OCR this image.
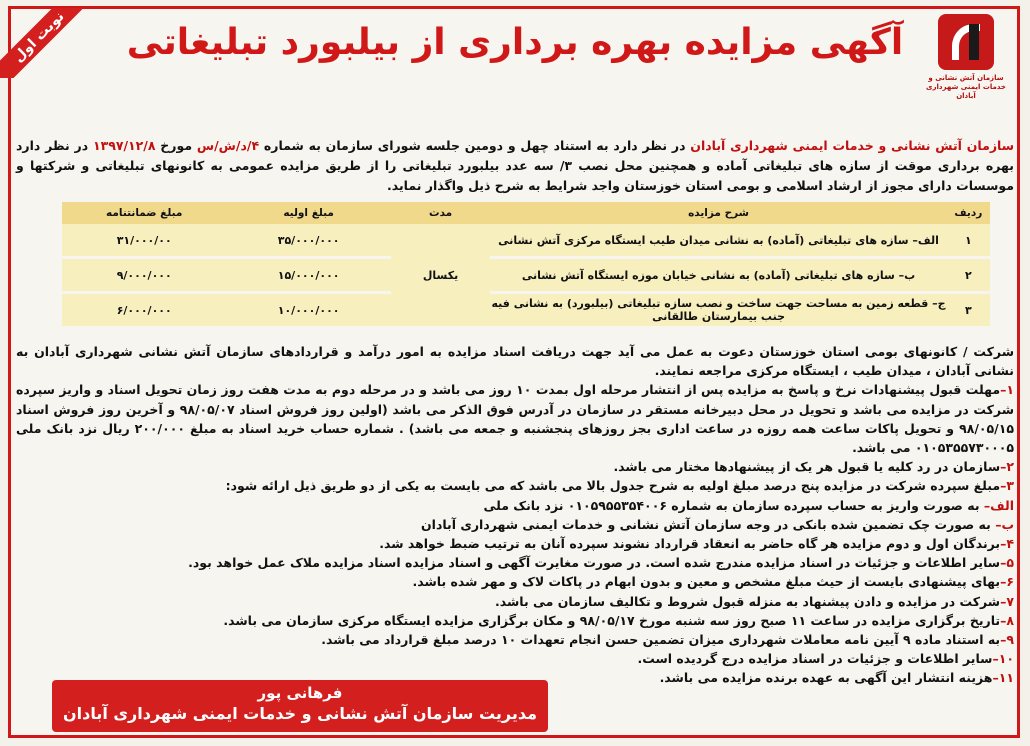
نوبت اول
سازمان آتش نشانی و خدمات ایمنی شهرداری آبادان
آگهی مزایده بهره برداری از بیلبورد تبلیغاتی
سازمان آتش نشانی و خدمات ایمنی شهرداری آبادان در نظر دارد به استناد چهل و دومین جلسه شورای سازمان به شماره ۴/د/ش/س مورخ ۱۳۹۷/۱۲/۸ در نظر دارد بهره برداری موقت از سازه های تبلیغاتی آماده و همچنین محل نصب ۳/ سه عدد بیلبورد تبلیغاتی را از طریق مزایده عمومی به کانونهای تبلیغاتی و شرکتها و موسسات دارای مجوز از ارشاد اسلامی و بومی استان خوزستان واجد شرایط به شرح ذیل واگذار نماید.
ردیف	شرح مزایده	مدت	مبلغ اولیه	مبلغ ضمانتنامه
۱	الف– سازه های تبلیغاتی (آماده) به نشانی میدان طیب ایستگاه مرکزی آتش نشانی	یکسال	۳۵/۰۰۰/۰۰۰	۳۱/۰۰۰/۰۰
۲	ب– سازه های تبلیغاتی (آماده) به نشانی خیابان موزه ایستگاه آتش نشانی		۱۵/۰۰۰/۰۰۰	۹/۰۰۰/۰۰۰
۳	ج– قطعه زمین به مساحت جهت ساخت و نصب سازه تبلیغاتی (بیلبورد) به نشانی فیه جنب بیمارستان طالقانی		۱۰/۰۰۰/۰۰۰	۶/۰۰۰/۰۰۰

شرکت / کانونهای بومی استان خوزستان دعوت به عمل می آید جهت دریافت اسناد مزایده به امور درآمد و قراردادهای سازمان آتش نشانی شهرداری آبادان به نشانی آبادان ، میدان طیب ، ایستگاه مرکزی مراجعه نمایند.

۱–مهلت قبول پیشنهادات نرخ و پاسخ به مزایده پس از انتشار مرحله اول بمدت ۱۰ روز می باشد و در مرحله دوم به مدت هفت روز زمان تحویل اسناد و واریز سپرده شرکت در مزایده می باشد و تحویل در محل دبیرخانه مستقر در سازمان در آدرس فوق الذکر می باشد (اولین روز فروش اسناد ۹۸/۰۵/۰۷ و آخرین روز فروش اسناد ۹۸/۰۵/۱۵ و تحویل پاکات ساعت همه روزه در ساعت اداری بجز روزهای پنجشنبه و جمعه می باشد) . شماره حساب خرید اسناد به مبلغ ۲۰۰/۰۰۰ ریال نزد بانک ملی ۰۱۰۵۳۵۵۷۳۰۰۰۵ می باشد.

۲–سازمان در رد کلیه یا قبول هر یک از پیشنهادها مختار می باشد.

۳–مبلغ سپرده شرکت در مزایده پنج درصد مبلغ اولیه به شرح جدول بالا می باشد که می بایست به یکی از دو طریق ذیل ارائه شود:

الف– به صورت واریز به حساب سپرده سازمان به شماره ۰۱۰۵۹۵۵۳۵۴۰۰۶ نزد بانک ملی

ب– به صورت چک تضمین شده بانکی در وجه سازمان آتش نشانی و خدمات ایمنی شهرداری آبادان

۴–برندگان اول و دوم مزایده هر گاه حاضر به انعقاد قرارداد نشوند سپرده آنان به ترتیب ضبط خواهد شد.

۵–سایر اطلاعات و جزئیات در اسناد مزایده مندرج شده است. در صورت مغایرت آگهی و اسناد مزایده اسناد مزایده ملاک عمل خواهد بود.

۶–بهای پیشنهادی بایست از حیث مبلغ مشخص و معین و بدون ابهام در پاکات لاک و مهر شده باشد.

۷–شرکت در مزایده و دادن پیشنهاد به منزله قبول شروط و تکالیف سازمان می باشد.

۸–تاریخ برگزاری مزایده در ساعت ۱۱ صبح روز سه شنبه مورخ ۹۸/۰۵/۱۷ و مکان برگزاری مزایده ایستگاه مرکزی سازمان می باشد.

۹–به استناد ماده ۹ آیین نامه معاملات شهرداری میزان تضمین حسن انجام تعهدات ۱۰ درصد مبلغ قرارداد می باشد.

۱۰–سایر اطلاعات و جزئیات در اسناد مزایده درج گردیده است.

۱۱–هزینه انتشار این آگهی به عهده برنده مزایده می باشد.

فرهانی پور
مدیریت سازمان آتش نشانی و خدمات ایمنی شهرداری آبادان
